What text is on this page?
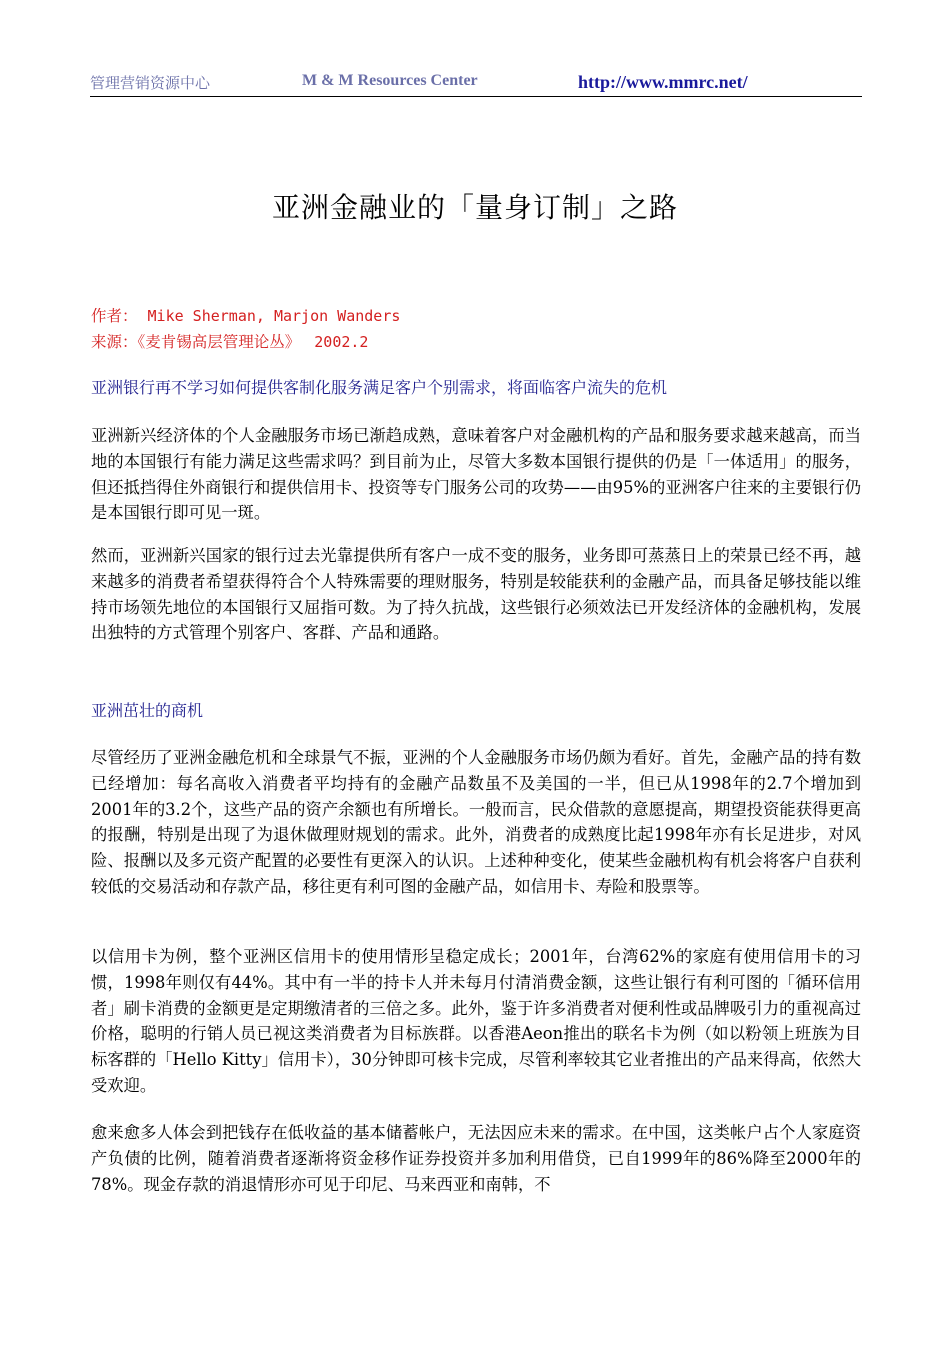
管理营销资源中心	M & M Resources Center	http://www.mmrc.net/
亚洲金融业的「量身订制」之路
作者： Mike Sherman, Marjon Wanders
来源：《麦肯锡高层管理论丛》 2002.2
亚洲银行再不学习如何提供客制化服务满足客户个别需求，将面临客户流失的危机

亚洲新兴经济体的个人金融服务市场已渐趋成熟，意味着客户对金融机构的产品和服务要求越来越高，而当地的本国银行有能力满足这些需求吗？到目前为止，尽管大多数本国银行提供的仍是「一体适用」的服务，但还抵挡得住外商银行和提供信用卡、投资等专门服务公司的攻势——由95%的亚洲客户往来的主要银行仍是本国银行即可见一斑。

然而，亚洲新兴国家的银行过去光靠提供所有客户一成不变的服务，业务即可蒸蒸日上的荣景已经不再，越来越多的消费者希望获得符合个人特殊需要的理财服务，特别是较能获利的金融产品，而具备足够技能以维持市场领先地位的本国银行又屈指可数。为了持久抗战，这些银行必须效法已开发经济体的金融机构，发展出独特的方式管理个别客户、客群、产品和通路。

亚洲茁壮的商机

尽管经历了亚洲金融危机和全球景气不振，亚洲的个人金融服务市场仍颇为看好。首先，金融产品的持有数已经增加：每名高收入消费者平均持有的金融产品数虽不及美国的一半，但已从1998年的2.7个增加到2001年的3.2个，这些产品的资产余额也有所增长。一般而言，民众借款的意愿提高，期望投资能获得更高的报酬，特别是出现了为退休做理财规划的需求。此外，消费者的成熟度比起1998年亦有长足进步，对风险、报酬以及多元资产配置的必要性有更深入的认识。上述种种变化，使某些金融机构有机会将客户自获利较低的交易活动和存款产品，移往更有利可图的金融产品，如信用卡、寿险和股票等。

以信用卡为例，整个亚洲区信用卡的使用情形呈稳定成长；2001年，台湾62%的家庭有使用信用卡的习惯，1998年则仅有44%。其中有一半的持卡人并未每月付清消费金额，这些让银行有利可图的「循环信用者」刷卡消费的金额更是定期缴清者的三倍之多。此外，鉴于许多消费者对便利性或品牌吸引力的重视高过价格，聪明的行销人员已视这类消费者为目标族群。以香港Aeon推出的联名卡为例（如以粉领上班族为目标客群的「Hello Kitty」信用卡），30分钟即可核卡完成，尽管利率较其它业者推出的产品来得高，依然大受欢迎。

愈来愈多人体会到把钱存在低收益的基本储蓄帐户，无法因应未来的需求。在中国，这类帐户占个人家庭资产负债的比例，随着消费者逐渐将资金移作证券投资并多加利用借贷，已自1999年的86%降至2000年的78%。现金存款的消退情形亦可见于印尼、马来西亚和南韩，不
